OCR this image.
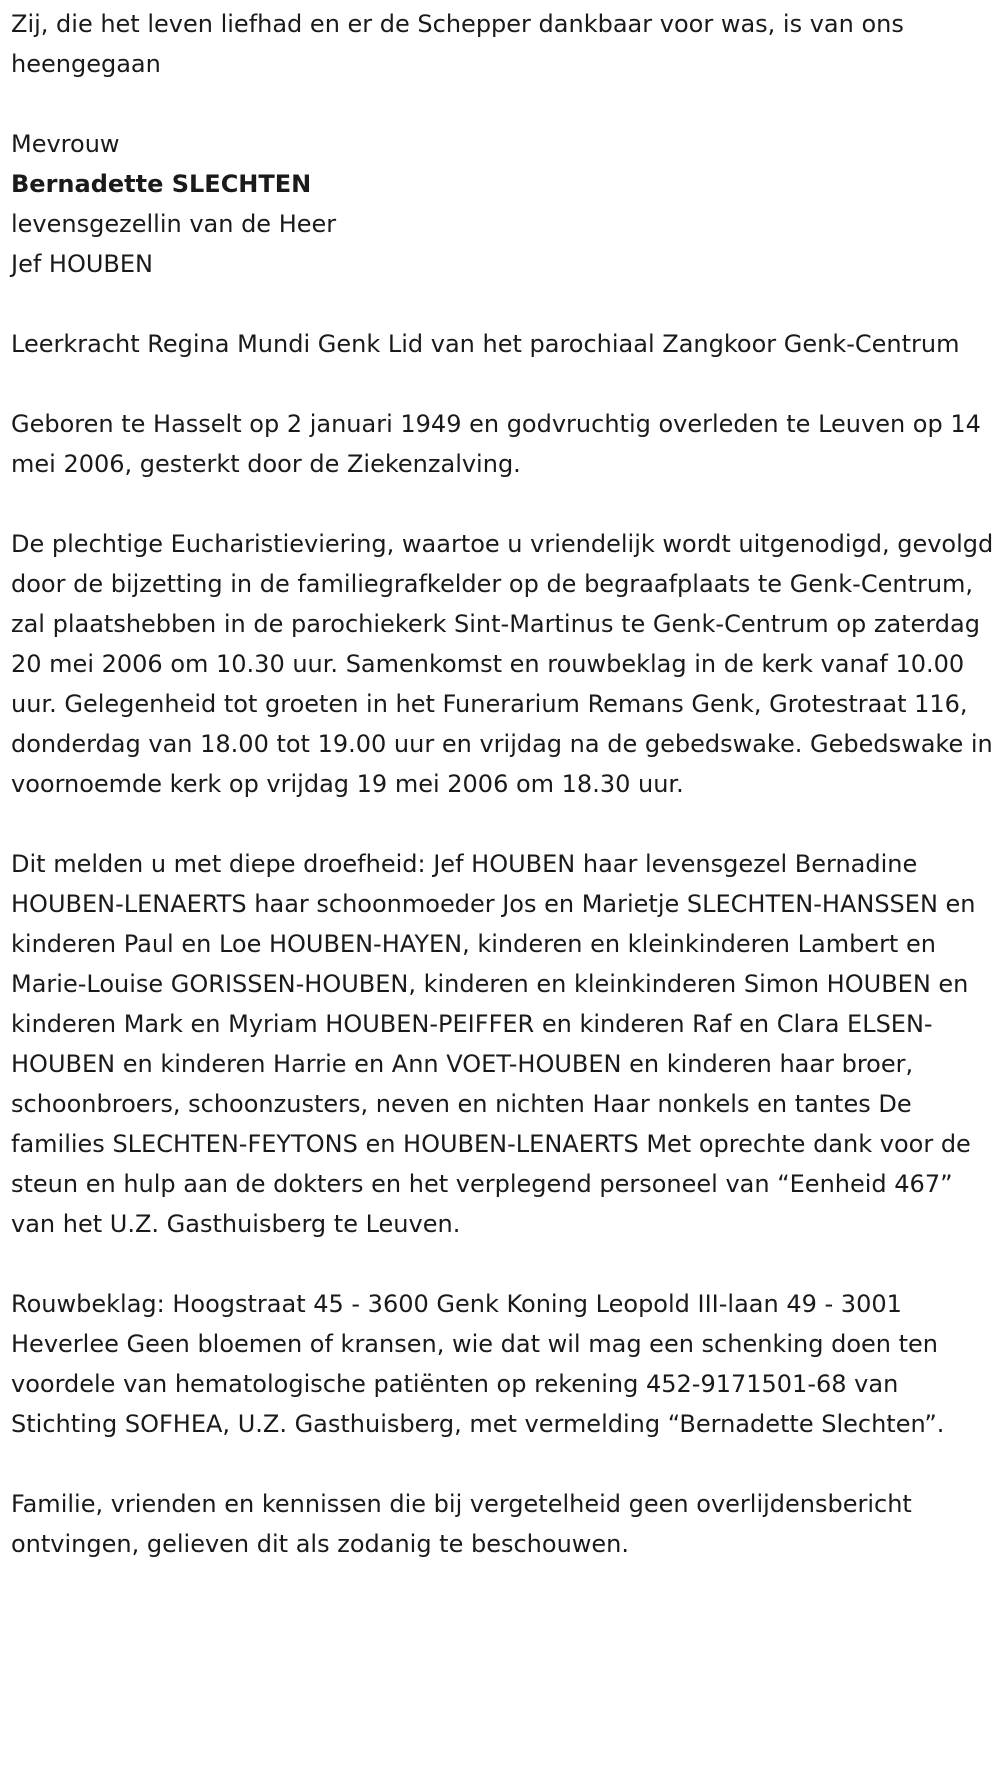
Zij, die het leven liefhad en er de Schepper dankbaar voor was, is van ons heengegaan

Mevrouw

Bernadette SLECHTEN

levensgezellin van de Heer

Jef HOUBEN

Leerkracht Regina Mundi Genk Lid van het parochiaal Zangkoor Genk-Centrum

Geboren te Hasselt op 2 januari 1949 en godvruchtig overleden te Leuven op 14 mei 2006, gesterkt door de Ziekenzalving.

De plechtige Eucharistieviering, waartoe u vriendelijk wordt uitgenodigd, gevolgd door de bijzetting in de familiegrafkelder op de begraafplaats te Genk-Centrum, zal plaatshebben in de parochiekerk Sint-Martinus te Genk-Centrum op zaterdag 20 mei 2006 om 10.30 uur. Samenkomst en rouwbeklag in de kerk vanaf 10.00 uur. Gelegenheid tot groeten in het Funerarium Remans Genk, Grotestraat 116, donderdag van 18.00 tot 19.00 uur en vrijdag na de gebedswake. Gebedswake in voornoemde kerk op vrijdag 19 mei 2006 om 18.30 uur.

Dit melden u met diepe droefheid: Jef HOUBEN haar levensgezel Bernadine HOUBEN-LENAERTS haar schoonmoeder Jos en Marietje SLECHTEN-HANSSEN en kinderen Paul en Loe HOUBEN-HAYEN, kinderen en kleinkinderen Lambert en Marie-Louise GORISSEN-HOUBEN, kinderen en kleinkinderen Simon HOUBEN en kinderen Mark en Myriam HOUBEN-PEIFFER en kinderen Raf en Clara ELSEN-HOUBEN en kinderen Harrie en Ann VOET-HOUBEN en kinderen haar broer, schoonbroers, schoonzusters, neven en nichten Haar nonkels en tantes De families SLECHTEN-FEYTONS en HOUBEN-LENAERTS Met oprechte dank voor de steun en hulp aan de dokters en het verplegend personeel van “Eenheid 467” van het U.Z. Gasthuisberg te Leuven.

Rouwbeklag: Hoogstraat 45 - 3600 Genk Koning Leopold III-laan 49 - 3001 Heverlee Geen bloemen of kransen, wie dat wil mag een schenking doen ten voordele van hematologische patiënten op rekening 452-9171501-68 van Stichting SOFHEA, U.Z. Gasthuisberg, met vermelding “Bernadette Slechten”.

Familie, vrienden en kennissen die bij vergetelheid geen overlijdensbericht ontvingen, gelieven dit als zodanig te beschouwen.
